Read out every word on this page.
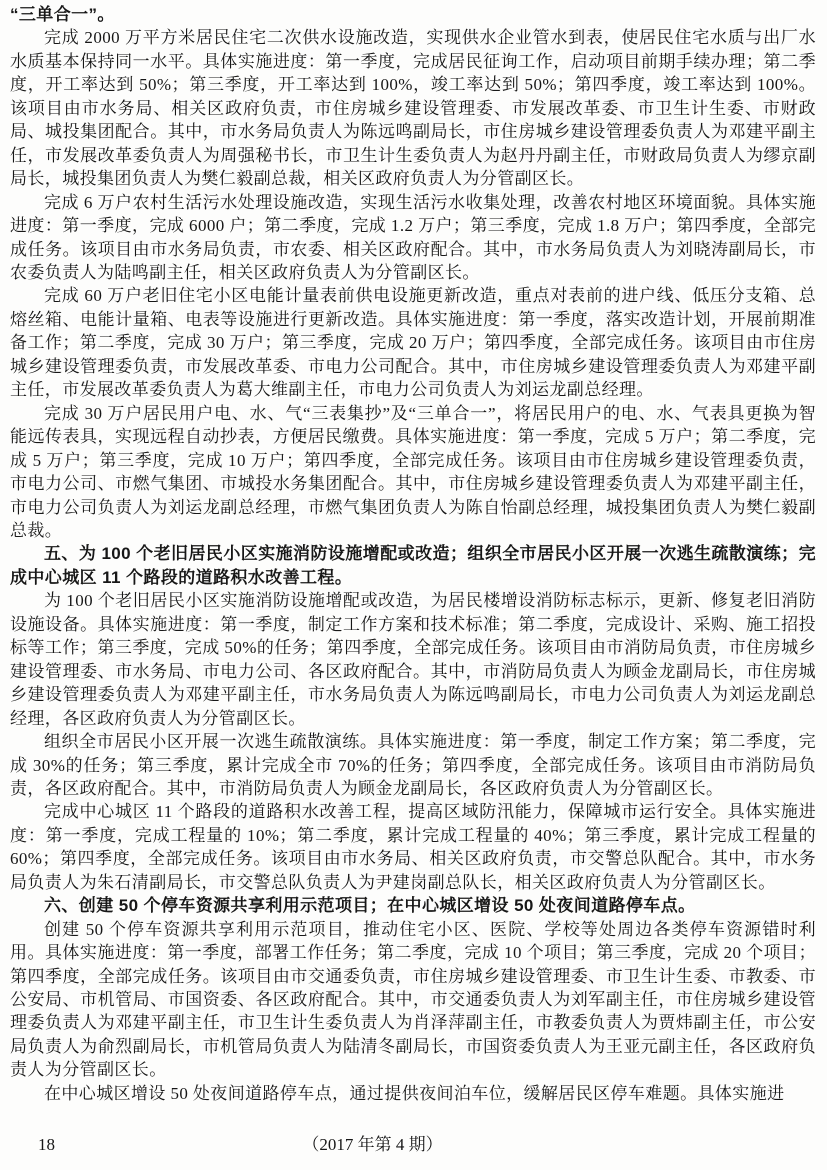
“三单合一”。

完成 2000 万平方米居民住宅二次供水设施改造，实现供水企业管水到表，使居民住宅水质与出厂水水质基本保持同一水平。具体实施进度：第一季度，完成居民征询工作，启动项目前期手续办理；第二季度，开工率达到 50%；第三季度，开工率达到 100%，竣工率达到 50%；第四季度，竣工率达到 100%。该项目由市水务局、相关区政府负责，市住房城乡建设管理委、市发展改革委、市卫生计生委、市财政局、城投集团配合。其中，市水务局负责人为陈远鸣副局长，市住房城乡建设管理委负责人为邓建平副主任，市发展改革委负责人为周强秘书长，市卫生计生委负责人为赵丹丹副主任，市财政局负责人为缪京副局长，城投集团负责人为樊仁毅副总裁，相关区政府负责人为分管副区长。

完成 6 万户农村生活污水处理设施改造，实现生活污水收集处理，改善农村地区环境面貌。具体实施进度：第一季度，完成 6000 户；第二季度，完成 1.2 万户；第三季度，完成 1.8 万户；第四季度，全部完成任务。该项目由市水务局负责，市农委、相关区政府配合。其中，市水务局负责人为刘晓涛副局长，市农委负责人为陆鸣副主任，相关区政府负责人为分管副区长。

完成 60 万户老旧住宅小区电能计量表前供电设施更新改造，重点对表前的进户线、低压分支箱、总熔丝箱、电能计量箱、电表等设施进行更新改造。具体实施进度：第一季度，落实改造计划，开展前期准备工作；第二季度，完成 30 万户；第三季度，完成 20 万户；第四季度，全部完成任务。该项目由市住房城乡建设管理委负责，市发展改革委、市电力公司配合。其中，市住房城乡建设管理委负责人为邓建平副主任，市发展改革委负责人为葛大维副主任，市电力公司负责人为刘运龙副总经理。

完成 30 万户居民用户电、水、气“三表集抄”及“三单合一”，将居民用户的电、水、气表具更换为智能远传表具，实现远程自动抄表，方便居民缴费。具体实施进度：第一季度，完成 5 万户；第二季度，完成 5 万户；第三季度，完成 10 万户；第四季度，全部完成任务。该项目由市住房城乡建设管理委负责，市电力公司、市燃气集团、市城投水务集团配合。其中，市住房城乡建设管理委负责人为邓建平副主任，市电力公司负责人为刘运龙副总经理，市燃气集团负责人为陈自怡副总经理，城投集团负责人为樊仁毅副总裁。

五、为 100 个老旧居民小区实施消防设施增配或改造；组织全市居民小区开展一次逃生疏散演练；完成中心城区 11 个路段的道路积水改善工程。

为 100 个老旧居民小区实施消防设施增配或改造，为居民楼增设消防标志标示，更新、修复老旧消防设施设备。具体实施进度：第一季度，制定工作方案和技术标准；第二季度，完成设计、采购、施工招投标等工作；第三季度，完成 50%的任务；第四季度，全部完成任务。该项目由市消防局负责，市住房城乡建设管理委、市水务局、市电力公司、各区政府配合。其中，市消防局负责人为顾金龙副局长，市住房城乡建设管理委负责人为邓建平副主任，市水务局负责人为陈远鸣副局长，市电力公司负责人为刘运龙副总经理，各区政府负责人为分管副区长。

组织全市居民小区开展一次逃生疏散演练。具体实施进度：第一季度，制定工作方案；第二季度，完成 30%的任务；第三季度，累计完成全市 70%的任务；第四季度，全部完成任务。该项目由市消防局负责，各区政府配合。其中，市消防局负责人为顾金龙副局长，各区政府负责人为分管副区长。

完成中心城区 11 个路段的道路积水改善工程，提高区域防汛能力，保障城市运行安全。具体实施进度：第一季度，完成工程量的 10%；第二季度，累计完成工程量的 40%；第三季度，累计完成工程量的 60%；第四季度，全部完成任务。该项目由市水务局、相关区政府负责，市交警总队配合。其中，市水务局负责人为朱石清副局长，市交警总队负责人为尹建岗副总队长，相关区政府负责人为分管副区长。

六、创建 50 个停车资源共享利用示范项目；在中心城区增设 50 处夜间道路停车点。

创建 50 个停车资源共享利用示范项目，推动住宅小区、医院、学校等处周边各类停车资源错时利用。具体实施进度：第一季度，部署工作任务；第二季度，完成 10 个项目；第三季度，完成 20 个项目；第四季度，全部完成任务。该项目由市交通委负责，市住房城乡建设管理委、市卫生计生委、市教委、市公安局、市机管局、市国资委、各区政府配合。其中，市交通委负责人为刘军副主任，市住房城乡建设管理委负责人为邓建平副主任，市卫生计生委负责人为肖泽萍副主任，市教委负责人为贾炜副主任，市公安局负责人为俞烈副局长，市机管局负责人为陆清冬副局长，市国资委负责人为王亚元副主任，各区政府负责人为分管副区长。

在中心城区增设 50 处夜间道路停车点，通过提供夜间泊车位，缓解居民区停车难题。具体实施进

18	（2017 年第 4 期）
